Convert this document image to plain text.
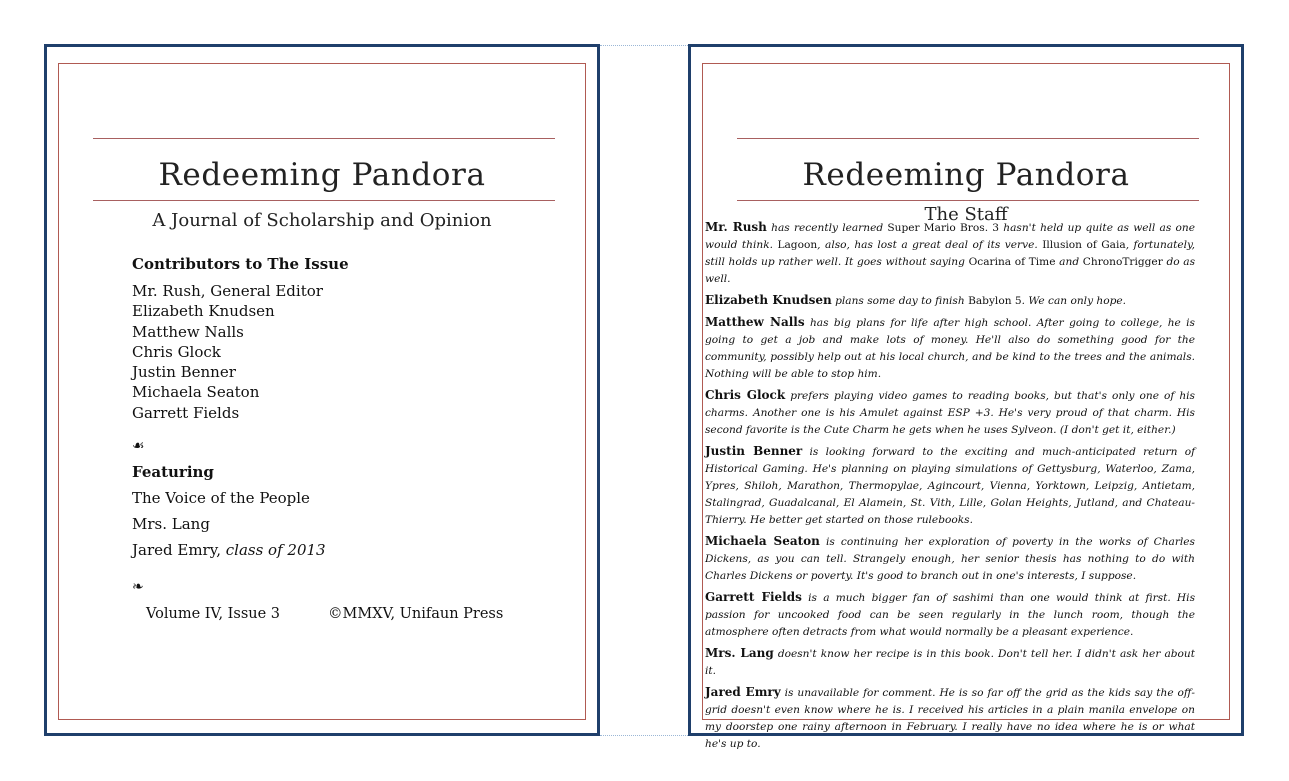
Redeeming Pandora
A Journal of Scholarship and Opinion
Contributors to The Issue
Mr. Rush, General Editor
Elizabeth Knudsen
Matthew Nalls
Chris Glock
Justin Benner
Michaela Seaton
Garrett Fields
☙
Featuring
The Voice of the People
Mrs. Lang
Jared Emry, class of 2013
❧
Volume IV, Issue 3	©MMXV, Unifaun Press
Redeeming Pandora
The Staff

Mr. Rush has recently learned Super Mario Bros. 3 hasn't held up quite as well as one would think. Lagoon, also, has lost a great deal of its verve. Illusion of Gaia, fortunately, still holds up rather well. It goes without saying Ocarina of Time and ChronoTrigger do as well.

Elizabeth Knudsen plans some day to finish Babylon 5. We can only hope.

Matthew Nalls has big plans for life after high school. After going to college, he is going to get a job and make lots of money. He'll also do something good for the community, possibly help out at his local church, and be kind to the trees and the animals. Nothing will be able to stop him.

Chris Glock prefers playing video games to reading books, but that's only one of his charms. Another one is his Amulet against ESP +3. He's very proud of that charm. His second favorite is the Cute Charm he gets when he uses Sylveon. (I don't get it, either.)

Justin Benner is looking forward to the exciting and much-anticipated return of Historical Gaming. He's planning on playing simulations of Gettysburg, Waterloo, Zama, Ypres, Shiloh, Marathon, Thermopylae, Agincourt, Vienna, Yorktown, Leipzig, Antietam, Stalingrad, Guadalcanal, El Alamein, St. Vith, Lille, Golan Heights, Jutland, and Chateau-Thierry. He better get started on those rulebooks.

Michaela Seaton is continuing her exploration of poverty in the works of Charles Dickens, as you can tell. Strangely enough, her senior thesis has nothing to do with Charles Dickens or poverty. It's good to branch out in one's interests, I suppose.

Garrett Fields is a much bigger fan of sashimi than one would think at first. His passion for uncooked food can be seen regularly in the lunch room, though the atmosphere often detracts from what would normally be a pleasant experience.

Mrs. Lang doesn't know her recipe is in this book. Don't tell her. I didn't ask her about it.

Jared Emry is unavailable for comment. He is so far off the grid as the kids say the off-grid doesn't even know where he is. I received his articles in a plain manila envelope on my doorstep one rainy afternoon in February. I really have no idea where he is or what he's up to.
